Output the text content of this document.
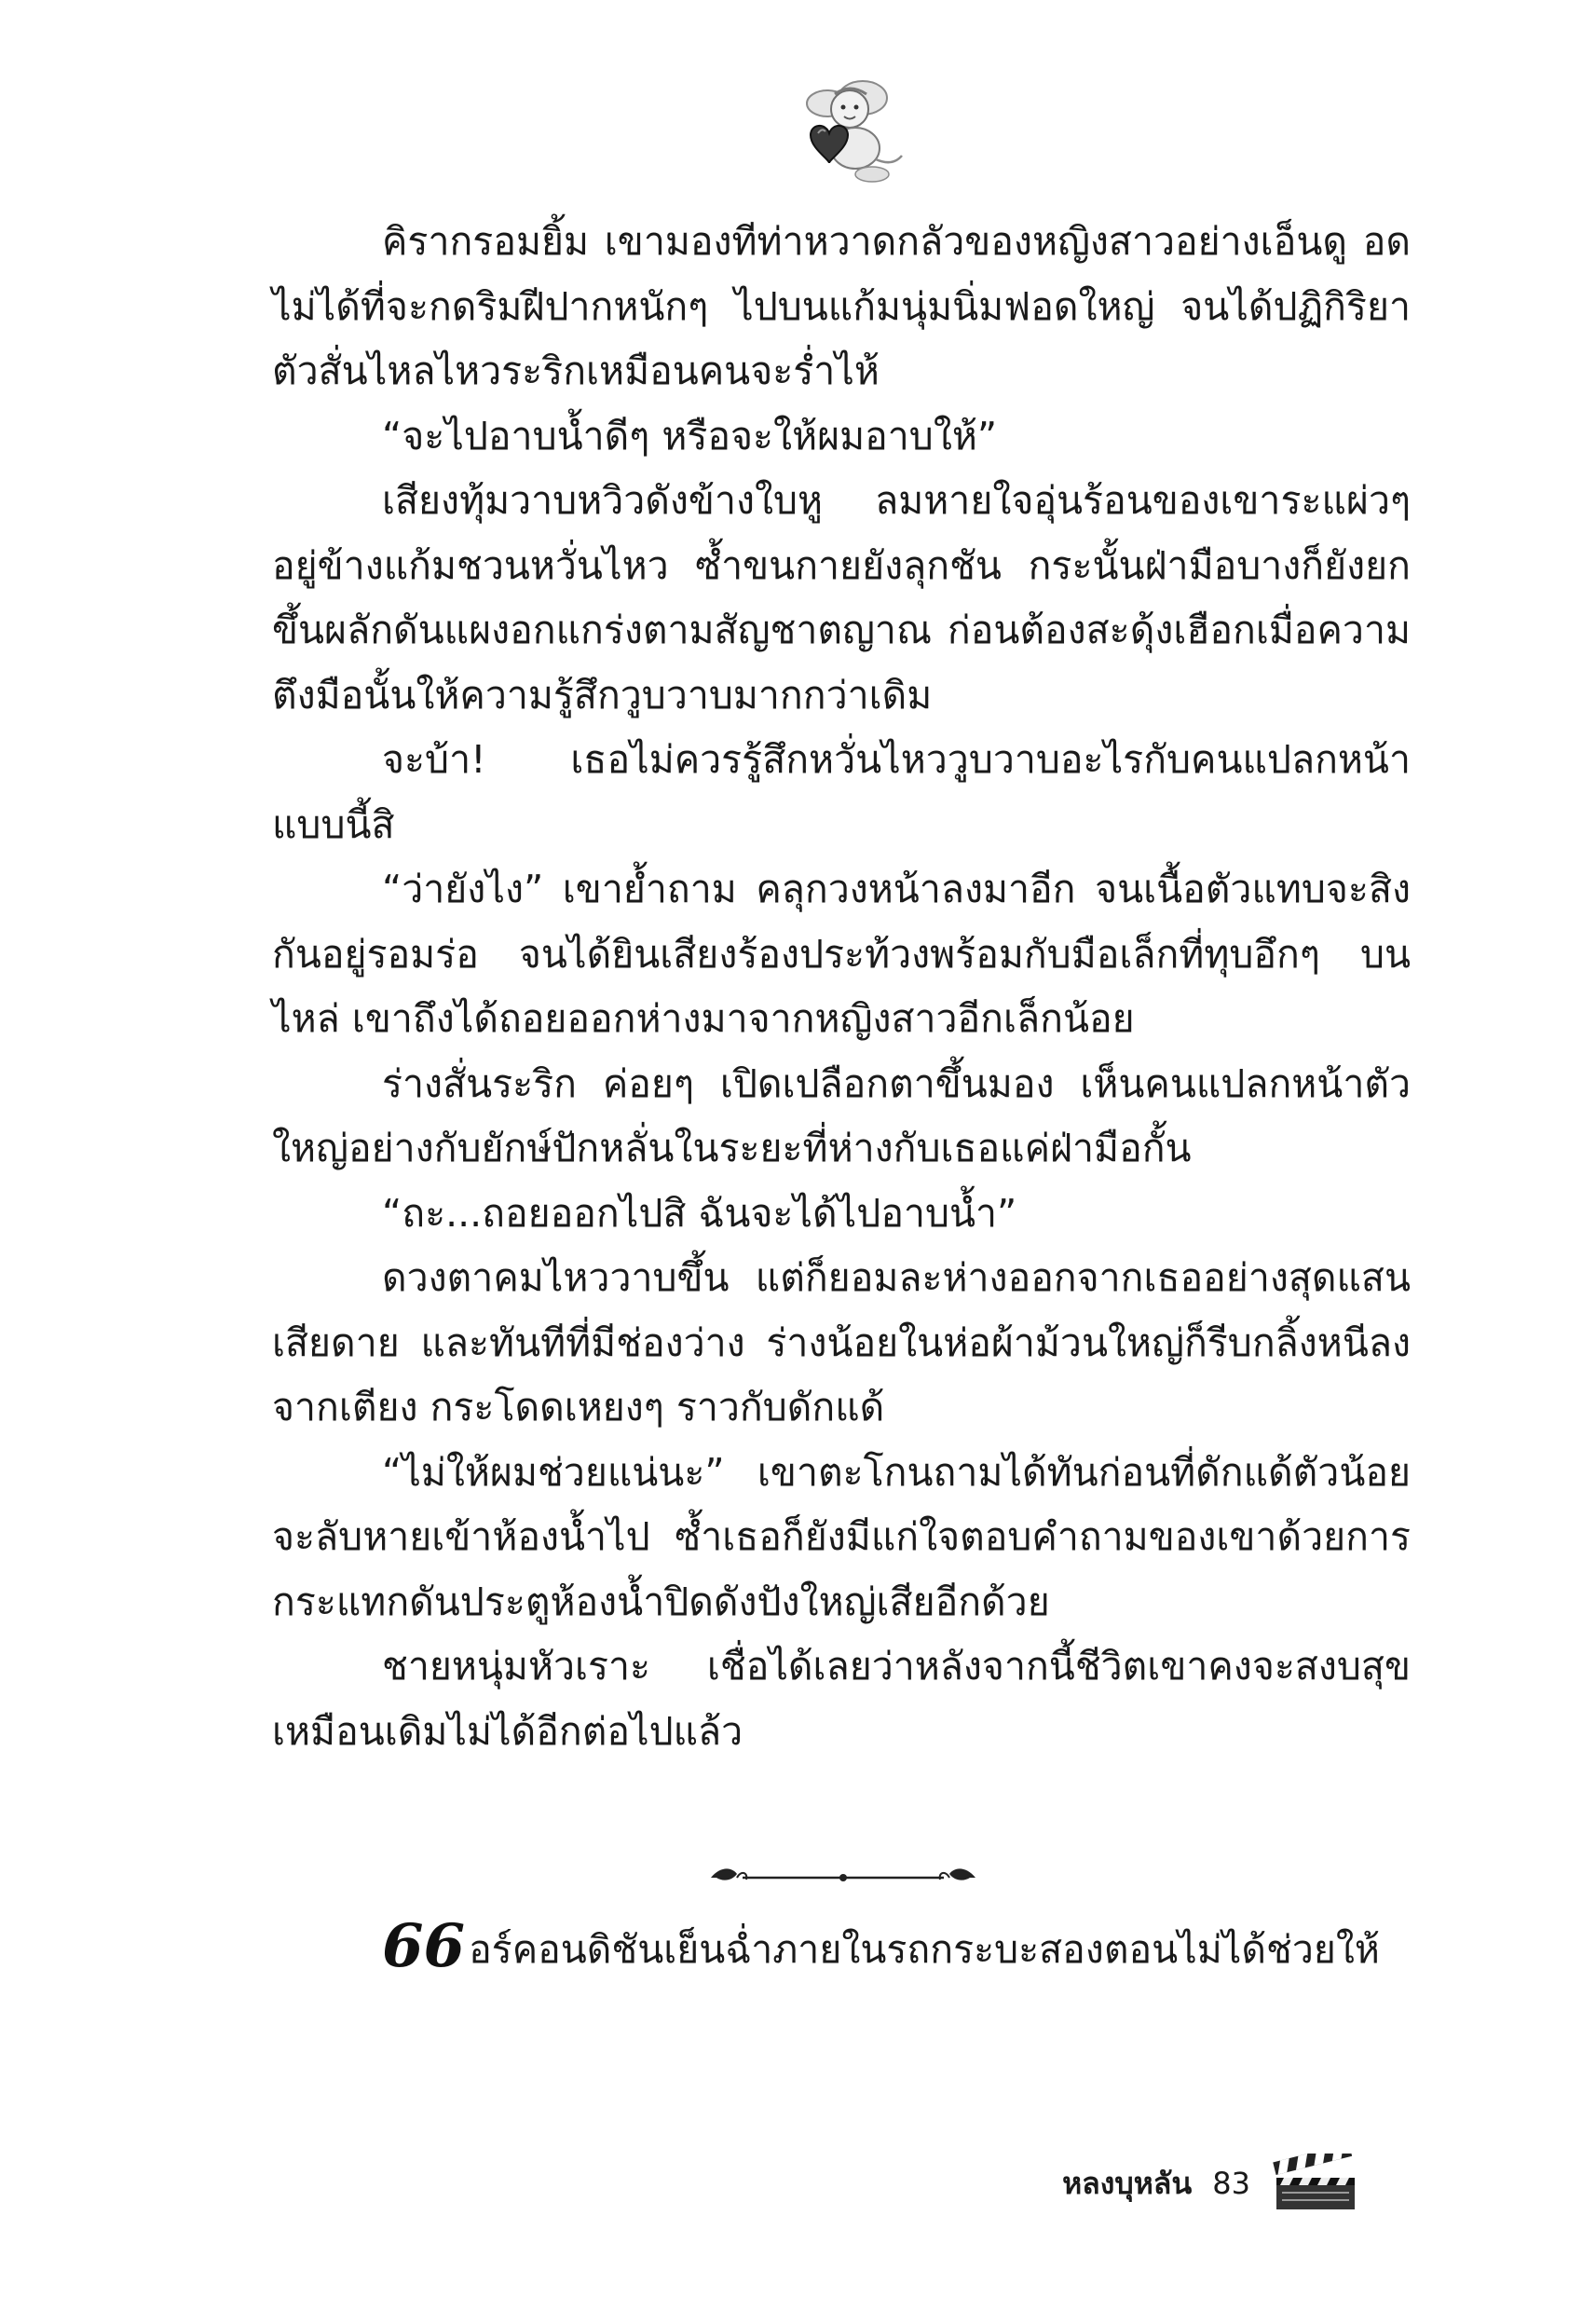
คิรากรอมยิ้ม เขามองทีท่าหวาดกลัวของหญิงสาวอย่างเอ็นดู อดไม่ได้ที่จะกดริมฝีปากหนักๆ ไปบนแก้มนุ่มนิ่มฟอดใหญ่ จนได้ปฏิกิริยาตัวสั่นไหลไหวระริกเหมือนคนจะร่ำไห้

“จะไปอาบน้ำดีๆ หรือจะให้ผมอาบให้”

เสียงทุ้มวาบหวิวดังข้างใบหู ลมหายใจอุ่นร้อนของเขาระแผ่วๆ อยู่ข้างแก้มชวนหวั่นไหว ซ้ำขนกายยังลุกชัน กระนั้นฝ่ามือบางก็ยังยกขึ้นผลักดันแผงอกแกร่งตามสัญชาตญาณ ก่อนต้องสะดุ้งเฮือกเมื่อความตึงมือนั้นให้ความรู้สึกวูบวาบมากกว่าเดิม

จะบ้า! เธอไม่ควรรู้สึกหวั่นไหววูบวาบอะไรกับคนแปลกหน้าแบบนี้สิ

“ว่ายังไง” เขาย้ำถาม คลุกวงหน้าลงมาอีก จนเนื้อตัวแทบจะสิงกันอยู่รอมร่อ จนได้ยินเสียงร้องประท้วงพร้อมกับมือเล็กที่ทุบอึกๆ บนไหล่ เขาถึงได้ถอยออกห่างมาจากหญิงสาวอีกเล็กน้อย

ร่างสั่นระริก ค่อยๆ เปิดเปลือกตาขึ้นมอง เห็นคนแปลกหน้าตัวใหญ่อย่างกับยักษ์ปักหลั่นในระยะที่ห่างกับเธอแค่ฝ่ามือกั้น

“ถะ...ถอยออกไปสิ ฉันจะได้ไปอาบน้ำ”

ดวงตาคมไหววาบขึ้น แต่ก็ยอมละห่างออกจากเธออย่างสุดแสนเสียดาย และทันทีที่มีช่องว่าง ร่างน้อยในห่อผ้าม้วนใหญ่ก็รีบกลิ้งหนีลงจากเตียง กระโดดเหยงๆ ราวกับดักแด้

“ไม่ให้ผมช่วยแน่นะ” เขาตะโกนถามได้ทันก่อนที่ดักแด้ตัวน้อยจะลับหายเข้าห้องน้ำไป ซ้ำเธอก็ยังมีแก่ใจตอบคำถามของเขาด้วยการกระแทกดันประตูห้องน้ำปิดดังปังใหญ่เสียอีกด้วย

ชายหนุ่มหัวเราะ เชื่อได้เลยว่าหลังจากนี้ชีวิตเขาคงจะสงบสุขเหมือนเดิมไม่ได้อีกต่อไปแล้ว

66อร์คอนดิชันเย็นฉ่ำภายในรถกระบะสองตอนไม่ได้ช่วยให้
หลงบุหลัน 83
